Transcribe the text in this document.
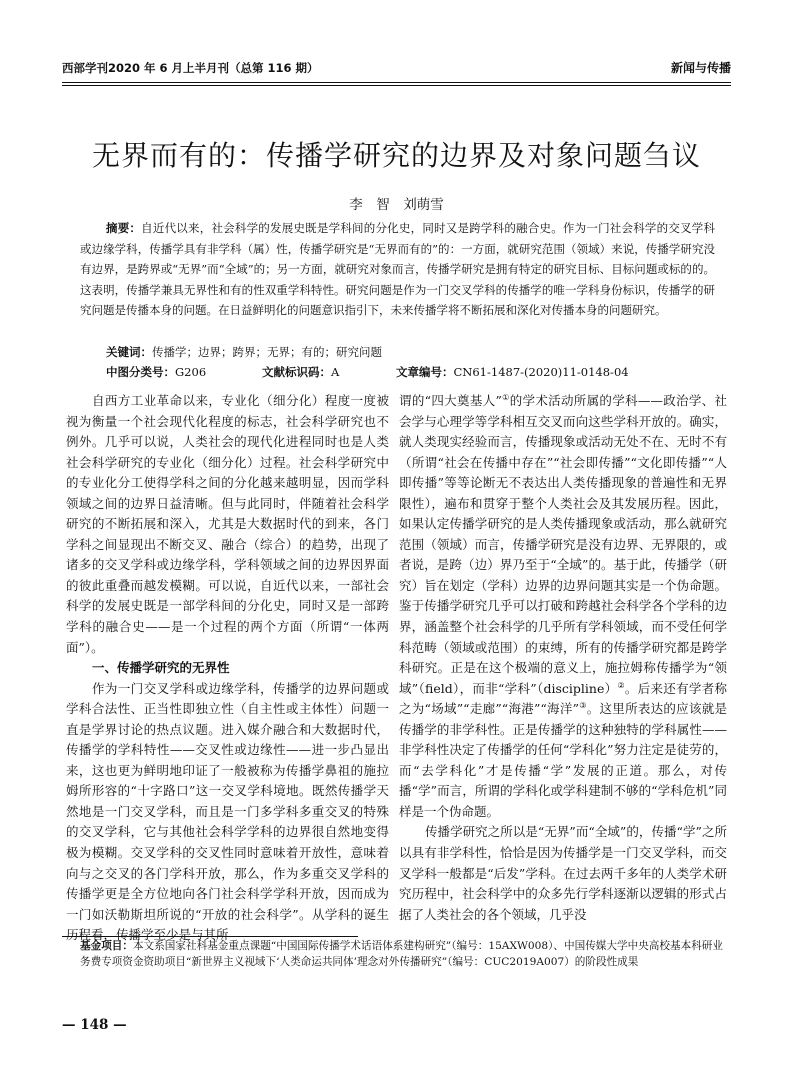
西部学刊2020 年 6 月上半月刊（总第 116 期）	新闻与传播
无界而有的：传播学研究的边界及对象问题刍议
李　智　刘萌雪
摘要：自近代以来，社会科学的发展史既是学科间的分化史，同时又是跨学科的融合史。作为一门社会科学的交叉学科或边缘学科，传播学具有非学科（属）性，传播学研究是“无界而有的”的：一方面，就研究范围（领域）来说，传播学研究没有边界，是跨界或“无界”而“全域”的；另一方面，就研究对象而言，传播学研究是拥有特定的研究目标、目标问题或标的的。这表明，传播学兼具无界性和有的性双重学科特性。研究问题是作为一门交叉学科的传播学的唯一学科身份标识，传播学的研究问题是传播本身的问题。在日益鲜明化的问题意识指引下，未来传播学将不断拓展和深化对传播本身的问题研究。
关键词：传播学；边界；跨界；无界；有的；研究问题
中图分类号：G206	文献标识码：A	文章编号：CN61-1487-(2020)11-0148-04

自西方工业革命以来，专业化（细分化）程度一度被视为衡量一个社会现代化程度的标志，社会科学研究也不例外。几乎可以说，人类社会的现代化进程同时也是人类社会科学研究的专业化（细分化）过程。社会科学研究中的专业化分工使得学科之间的分化越来越明显，因而学科领域之间的边界日益清晰。但与此同时，伴随着社会科学研究的不断拓展和深入，尤其是大数据时代的到来，各门学科之间显现出不断交叉、融合（综合）的趋势，出现了诸多的交叉学科或边缘学科，学科领域之间的边界因界面的彼此重叠而越发模糊。可以说，自近代以来，一部社会科学的发展史既是一部学科间的分化史，同时又是一部跨学科的融合史——是一个过程的两个方面（所谓“一体两面”）。

一、传播学研究的无界性

作为一门交叉学科或边缘学科，传播学的边界问题或学科合法性、正当性即独立性（自主性或主体性）问题一直是学界讨论的热点议题。进入媒介融合和大数据时代，传播学的学科特性——交叉性或边缘性——进一步凸显出来，这也更为鲜明地印证了一般被称为传播学鼻祖的施拉姆所形容的“十字路口”这一交叉学科境地。既然传播学天然地是一门交叉学科，而且是一门多学科多重交叉的特殊的交叉学科，它与其他社会科学学科的边界很自然地变得极为模糊。交叉学科的交叉性同时意味着开放性，意味着向与之交叉的各门学科开放，那么，作为多重交叉学科的传播学更是全方位地向各门社会科学学科开放，因而成为一门如沃勒斯坦所说的“开放的社会科学”。从学科的诞生历程看，传播学至少是与其所

谓的“四大奠基人”①的学术活动所属的学科——政治学、社会学与心理学等学科相互交叉而向这些学科开放的。确实，就人类现实经验而言，传播现象或活动无处不在、无时不有（所谓“社会在传播中存在”“社会即传播”“文化即传播”“人即传播”等等论断无不表达出人类传播现象的普遍性和无界限性），遍布和贯穿于整个人类社会及其发展历程。因此，如果认定传播学研究的是人类传播现象或活动，那么就研究范围（领域）而言，传播学研究是没有边界、无界限的，或者说，是跨（边）界乃至于“全域”的。基于此，传播学（研究）旨在划定（学科）边界的边界问题其实是一个伪命题。鉴于传播学研究几乎可以打破和跨越社会科学各个学科的边界，涵盖整个社会科学的几乎所有学科领域，而不受任何学科范畴（领域或范围）的束缚，所有的传播学研究都是跨学科研究。正是在这个极端的意义上，施拉姆称传播学为“领域”（field），而非“学科”（discipline）②。后来还有学者称之为“场域”“走廊”“海港”“海洋”③。这里所表达的应该就是传播学的非学科性。正是传播学的这种独特的学科属性——非学科性决定了传播学的任何“学科化”努力注定是徒劳的，而“去学科化”才是传播“学”发展的正道。那么，对传播“学”而言，所谓的学科化或学科建制不够的“学科危机”同样是一个伪命题。

传播学研究之所以是“无界”而“全域”的，传播“学”之所以具有非学科性，恰恰是因为传播学是一门交叉学科，而交叉学科一般都是“后发”学科。在过去两千多年的人类学术研究历程中，社会科学中的众多先行学科逐渐以逻辑的形式占据了人类社会的各个领域，几乎没

基金项目：本文系国家社科基金重点课题“中国国际传播学术话语体系建构研究”（编号：15AXW008）、中国传媒大学中央高校基本科研业务费专项资金资助项目“新世界主义视域下‘人类命运共同体’理念对外传播研究”（编号：CUC2019A007）的阶段性成果
— 148 —
